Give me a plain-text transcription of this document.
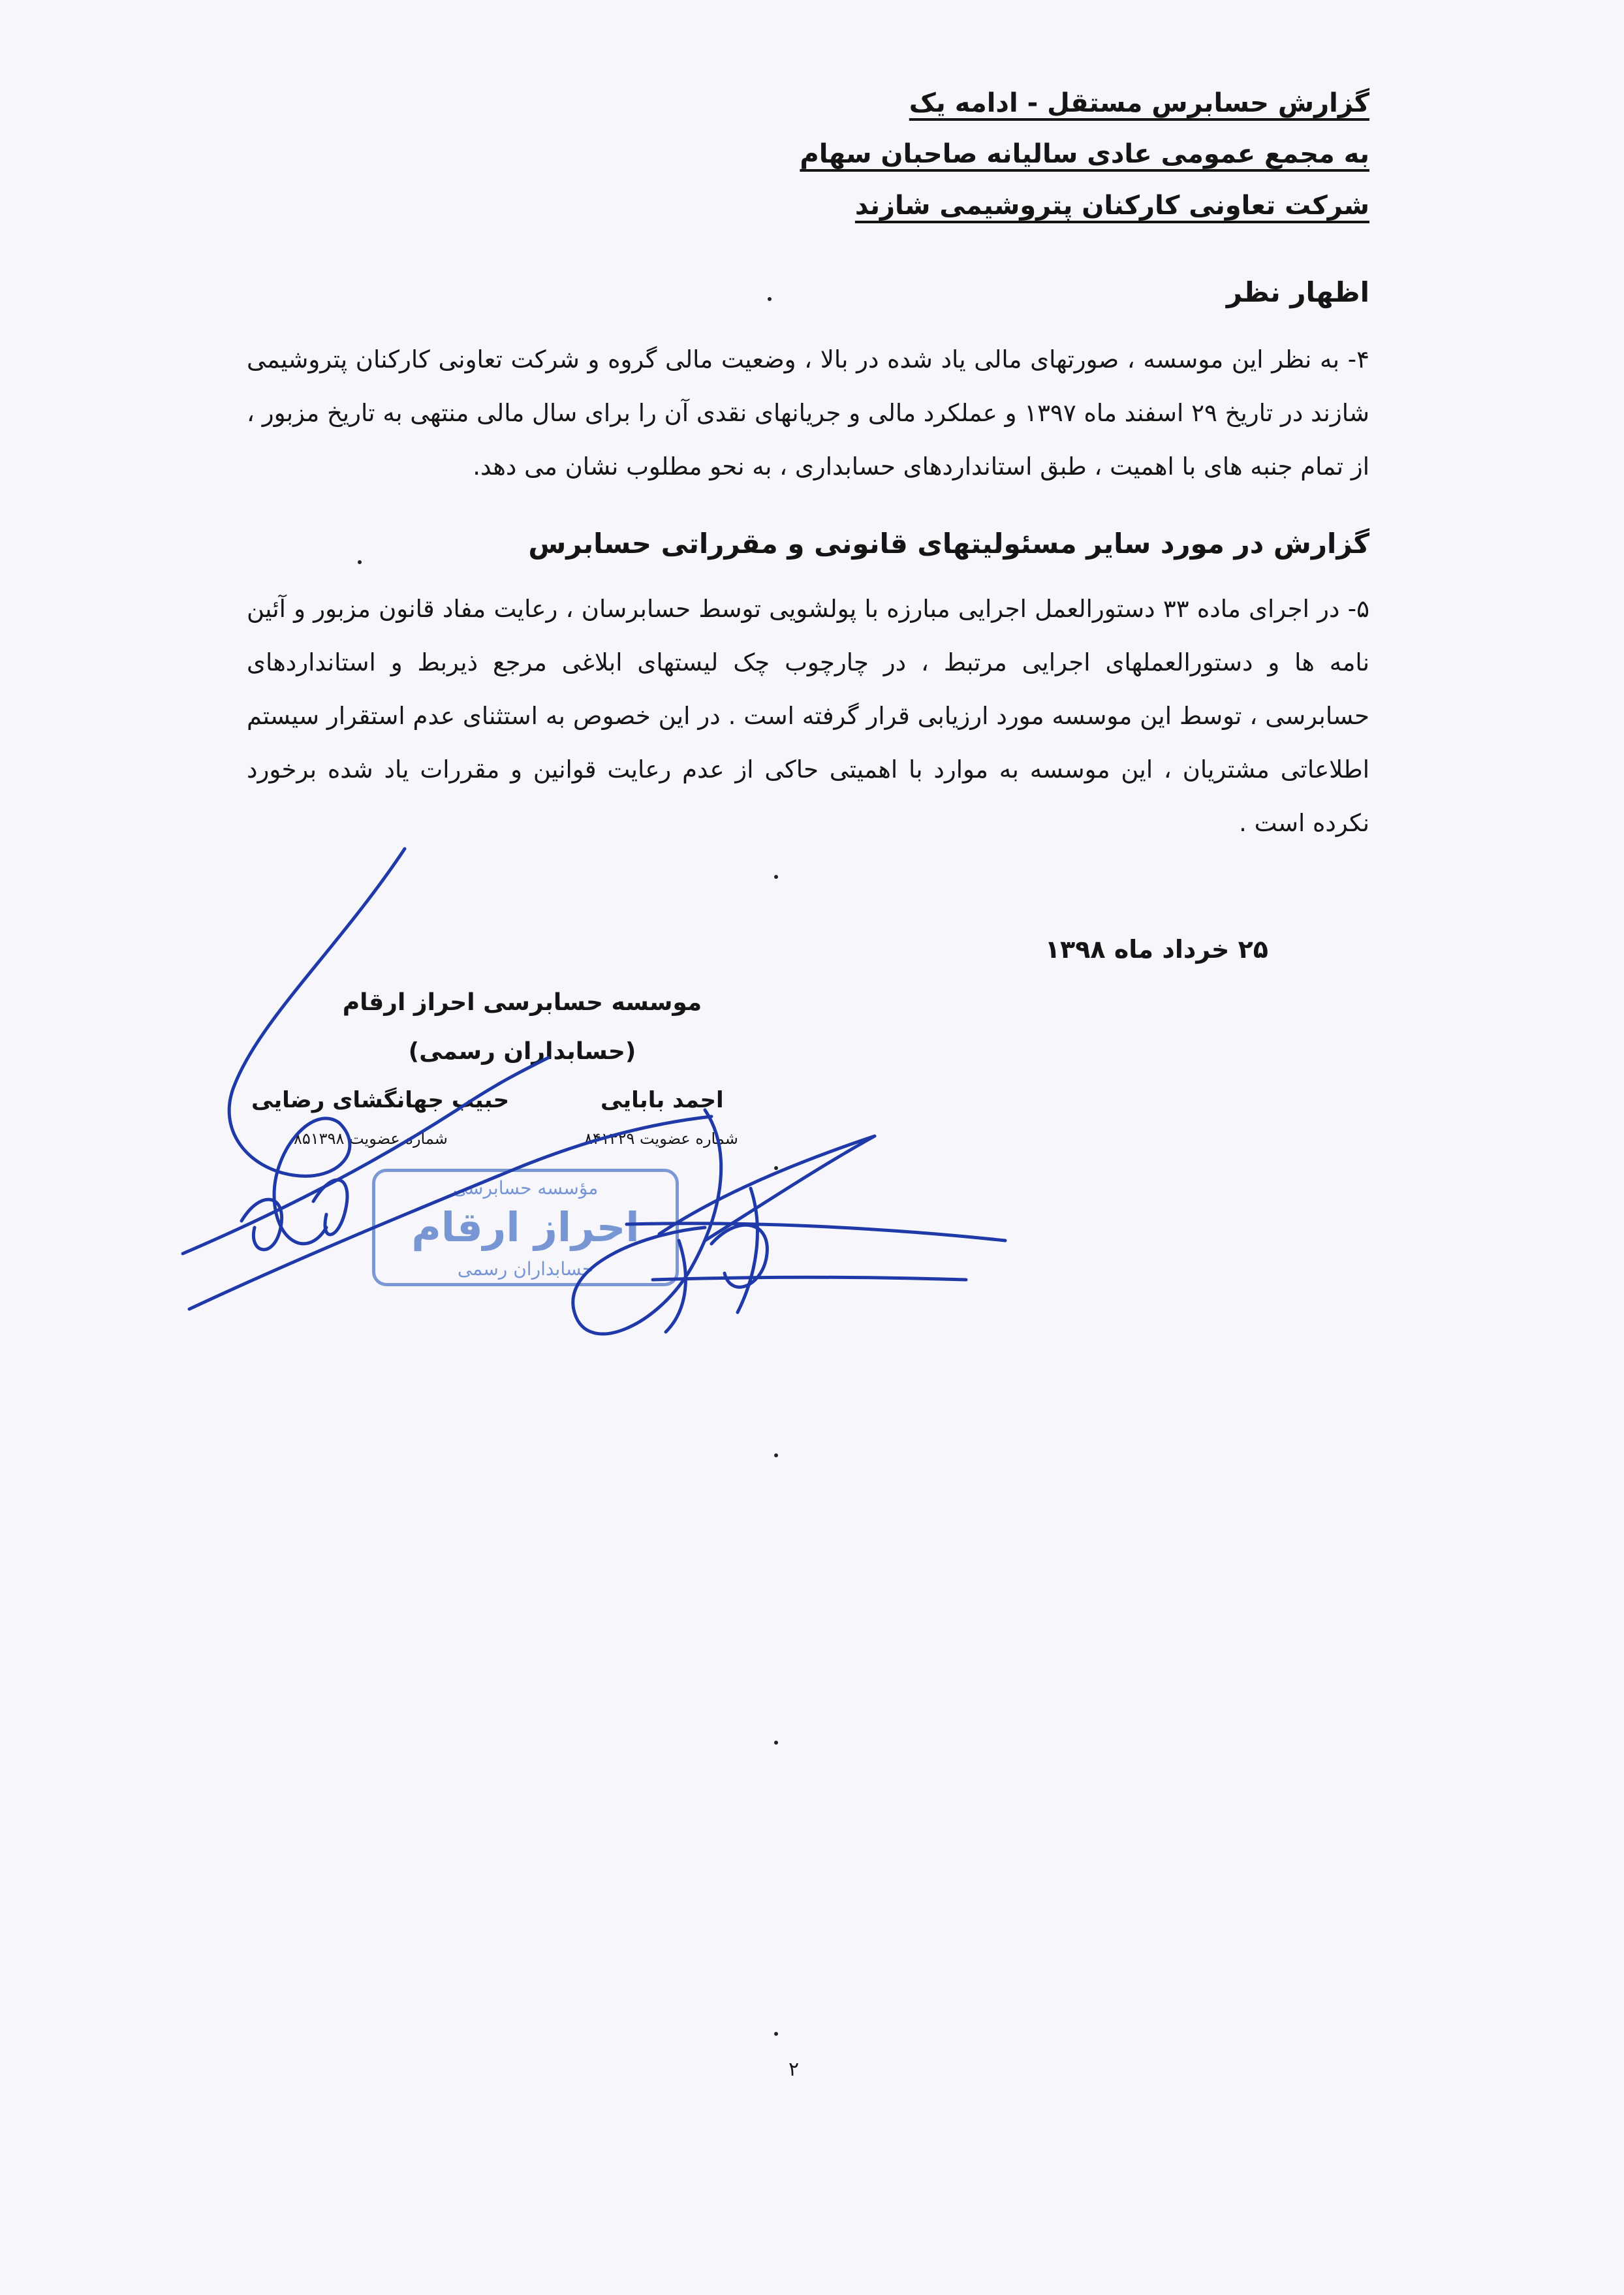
گزارش حسابرس مستقل - ادامه یک
به مجمع عمومی عادی سالیانه صاحبان سهام
شرکت تعاونی کارکنان پتروشیمی شازند
اظهار نظر
۴- به نظر این موسسه ، صورتهای مالی یاد شده در بالا ، وضعیت مالی گروه و شرکت تعاونی کارکنان پتروشیمی شازند در تاریخ ۲۹ اسفند ماه ۱۳۹۷ و عملکرد مالی و جریانهای نقدی آن را برای سال مالی منتهی به تاریخ مزبور ، از تمام جنبه های با اهمیت ، طبق استانداردهای حسابداری ، به نحو مطلوب نشان می دهد.
گزارش در مورد سایر مسئولیتهای قانونی و مقرراتی حسابرس
۵- در اجرای ماده ۳۳ دستورالعمل اجرایی مبارزه با پولشویی توسط حسابرسان ، رعایت مفاد قانون مزبور و آئین نامه ها و دستورالعملهای اجرایی مرتبط ، در چارچوب چک لیستهای ابلاغی مرجع ذیربط و استانداردهای حسابرسی ، توسط این موسسه مورد ارزیابی قرار گرفته است . در این خصوص به استثنای عدم استقرار سیستم اطلاعاتی مشتریان ، این موسسه به موارد با اهمیتی حاکی از عدم رعایت قوانین و مقررات یاد شده برخورد نکرده است .
۲۵ خرداد ماه ۱۳۹۸
موسسه حسابرسی احراز ارقام
(حسابداران رسمی)
احمد بابایی
شماره عضویت ۸۴۱۳۲۹
حبیب جهانگشای رضایی
شماره عضویت ۸۵۱۳۹۸
مؤسسه حسابرسی
احراز ارقام
حسابداران رسمی
۲
